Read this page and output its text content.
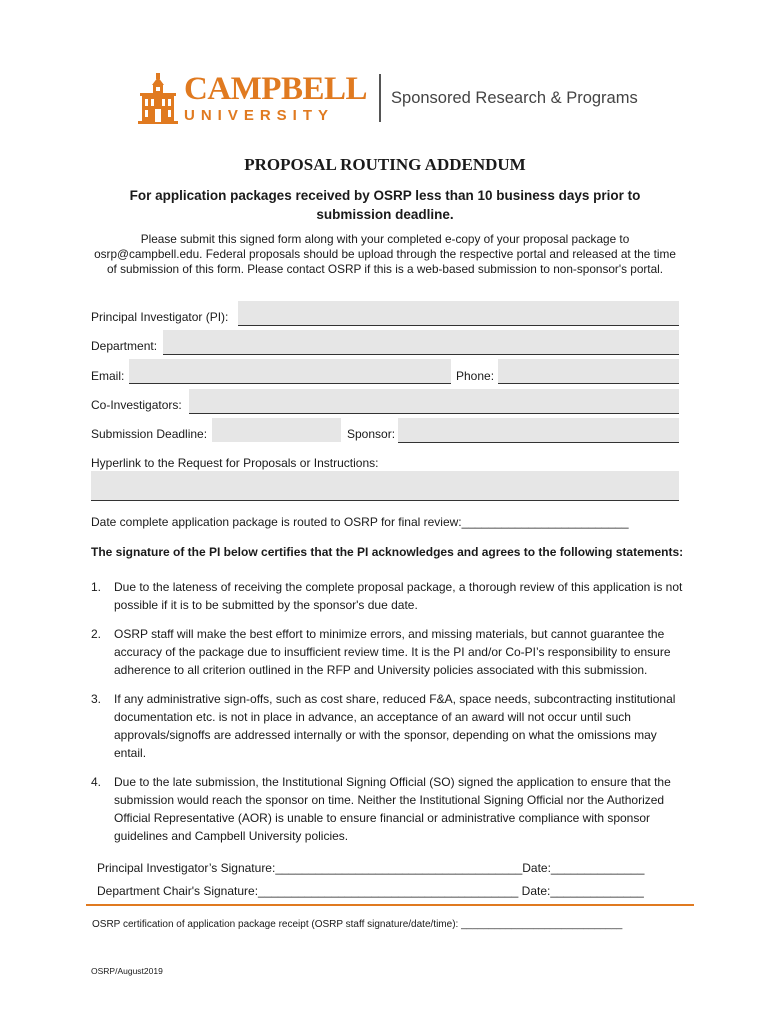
CAMPBELL
UNIVERSITY
Sponsored Research & Programs
PROPOSAL ROUTING ADDENDUM
For application packages received by OSRP less than 10 business days prior to submission deadline.
Please submit this signed form along with your completed e-copy of your proposal package to osrp@campbell.edu. Federal proposals should be upload through the respective portal and released at the time of submission of this form. Please contact OSRP if this is a web-based submission to non-sponsor's portal.
Principal Investigator (PI):
Department:
Email:	Phone:
Co-Investigators:
Submission Deadline:	Sponsor:
Hyperlink to the Request for Proposals or Instructions:
Date complete application package is routed to OSRP for final review:_________________________
The signature of the PI below certifies that the PI acknowledges and agrees to the following statements:
1. Due to the lateness of receiving the complete proposal package, a thorough review of this application is not possible if it is to be submitted by the sponsor's due date.
2. OSRP staff will make the best effort to minimize errors, and missing materials, but cannot guarantee the accuracy of the package due to insufficient review time. It is the PI and/or Co-PI’s responsibility to ensure adherence to all criterion outlined in the RFP and University policies associated with this submission.
3. If any administrative sign-offs, such as cost share, reduced F&A, space needs, subcontracting institutional documentation etc. is not in place in advance, an acceptance of an award will not occur until such approvals/signoffs are addressed internally or with the sponsor, depending on what the omissions may entail.
4. Due to the late submission, the Institutional Signing Official (SO) signed the application to ensure that the submission would reach the sponsor on time. Neither the Institutional Signing Official nor the Authorized Official Representative (AOR) is unable to ensure financial or administrative compliance with sponsor guidelines and Campbell University policies.
Principal Investigator’s Signature:_____________________________________Date:______________
Department Chair's Signature:_______________________________________ Date:______________
OSRP certification of application package receipt (OSRP staff signature/date/time): _____________________________
OSRP/August2019
